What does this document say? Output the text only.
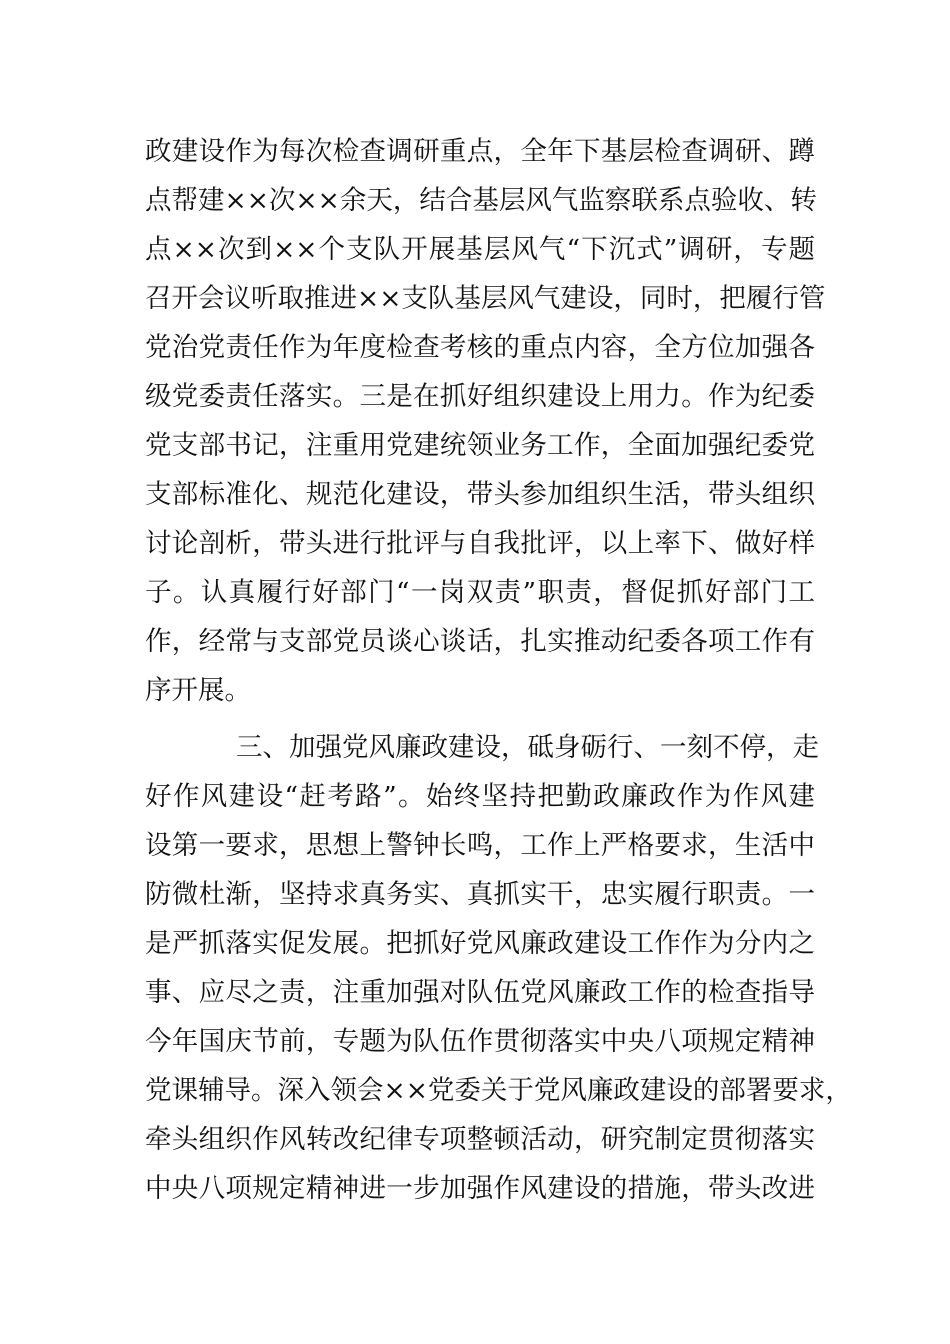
政建设作为每次检查调研重点，全年下基层检查调研、蹲
点帮建××次××余天，结合基层风气监察联系点验收、转
点××次到××个支队开展基层风气“下沉式”调研，专题
召开会议听取推进××支队基层风气建设，同时，把履行管
党治党责任作为年度检查考核的重点内容，全方位加强各
级党委责任落实。三是在抓好组织建设上用力。作为纪委
党支部书记，注重用党建统领业务工作，全面加强纪委党
支部标准化、规范化建设，带头参加组织生活，带头组织
讨论剖析，带头进行批评与自我批评，以上率下、做好样
子。认真履行好部门“一岗双责”职责，督促抓好部门工
作，经常与支部党员谈心谈话，扎实推动纪委各项工作有
序开展。
三、加强党风廉政建设，砥身砺行、一刻不停，走
好作风建设“赶考路”。始终坚持把勤政廉政作为作风建
设第一要求，思想上警钟长鸣，工作上严格要求，生活中
防微杜渐，坚持求真务实、真抓实干，忠实履行职责。一
是严抓落实促发展。把抓好党风廉政建设工作作为分内之
事、应尽之责，注重加强对队伍党风廉政工作的检查指导
今年国庆节前，专题为队伍作贯彻落实中央八项规定精神
党课辅导。深入领会××党委关于党风廉政建设的部署要求，
牵头组织作风转改纪律专项整顿活动，研究制定贯彻落实
中央八项规定精神进一步加强作风建设的措施，带头改进
